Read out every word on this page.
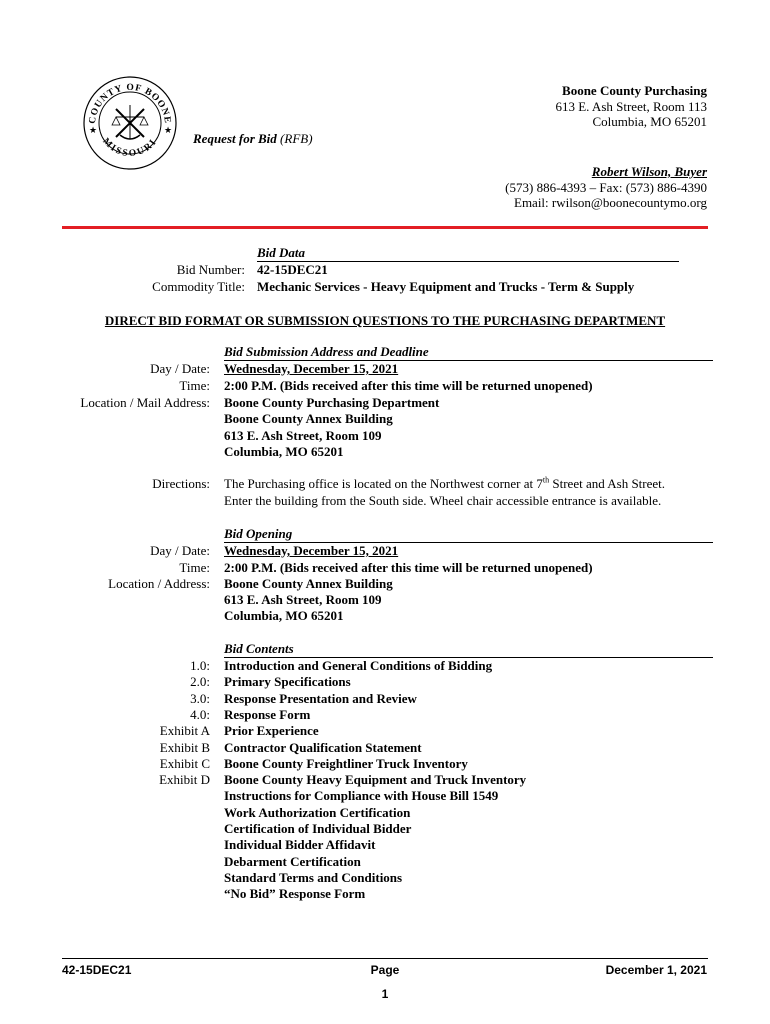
COUNTY OF BOONE
MISSOURI
★	★ Request for Bid (RFB)
Boone County Purchasing
613 E. Ash Street, Room 113
Columbia, MO 65201
Robert Wilson, Buyer
(573) 886-4393 – Fax: (573) 886-4390
Email: rwilson@boonecountymo.org
Bid Data
Bid Number: 42-15DEC21
Commodity Title: Mechanic Services - Heavy Equipment and Trucks - Term & Supply
DIRECT BID FORMAT OR SUBMISSION QUESTIONS TO THE PURCHASING DEPARTMENT
Bid Submission Address and Deadline
Day / Date: Wednesday, December 15, 2021
Time: 2:00 P.M. (Bids received after this time will be returned unopened)
Location / Mail Address: Boone County Purchasing Department
Boone County Annex Building
613 E. Ash Street, Room 109
Columbia, MO 65201
Directions: The Purchasing office is located on the Northwest corner at 7th Street and Ash Street.
Enter the building from the South side. Wheel chair accessible entrance is available.
Bid Opening
Day / Date: Wednesday, December 15, 2021
Time: 2:00 P.M. (Bids received after this time will be returned unopened)
Location / Address: Boone County Annex Building
613 E. Ash Street, Room 109
Columbia, MO 65201
Bid Contents
1.0: Introduction and General Conditions of Bidding
2.0: Primary Specifications
3.0: Response Presentation and Review
4.0: Response Form
Exhibit A Prior Experience
Exhibit B Contractor Qualification Statement
Exhibit C Boone County Freightliner Truck Inventory
Exhibit D Boone County Heavy Equipment and Truck Inventory
Instructions for Compliance with House Bill 1549
Work Authorization Certification
Certification of Individual Bidder
Individual Bidder Affidavit
Debarment Certification
Standard Terms and Conditions
“No Bid” Response Form
42-15DEC21	Page
1
December 1, 2021
